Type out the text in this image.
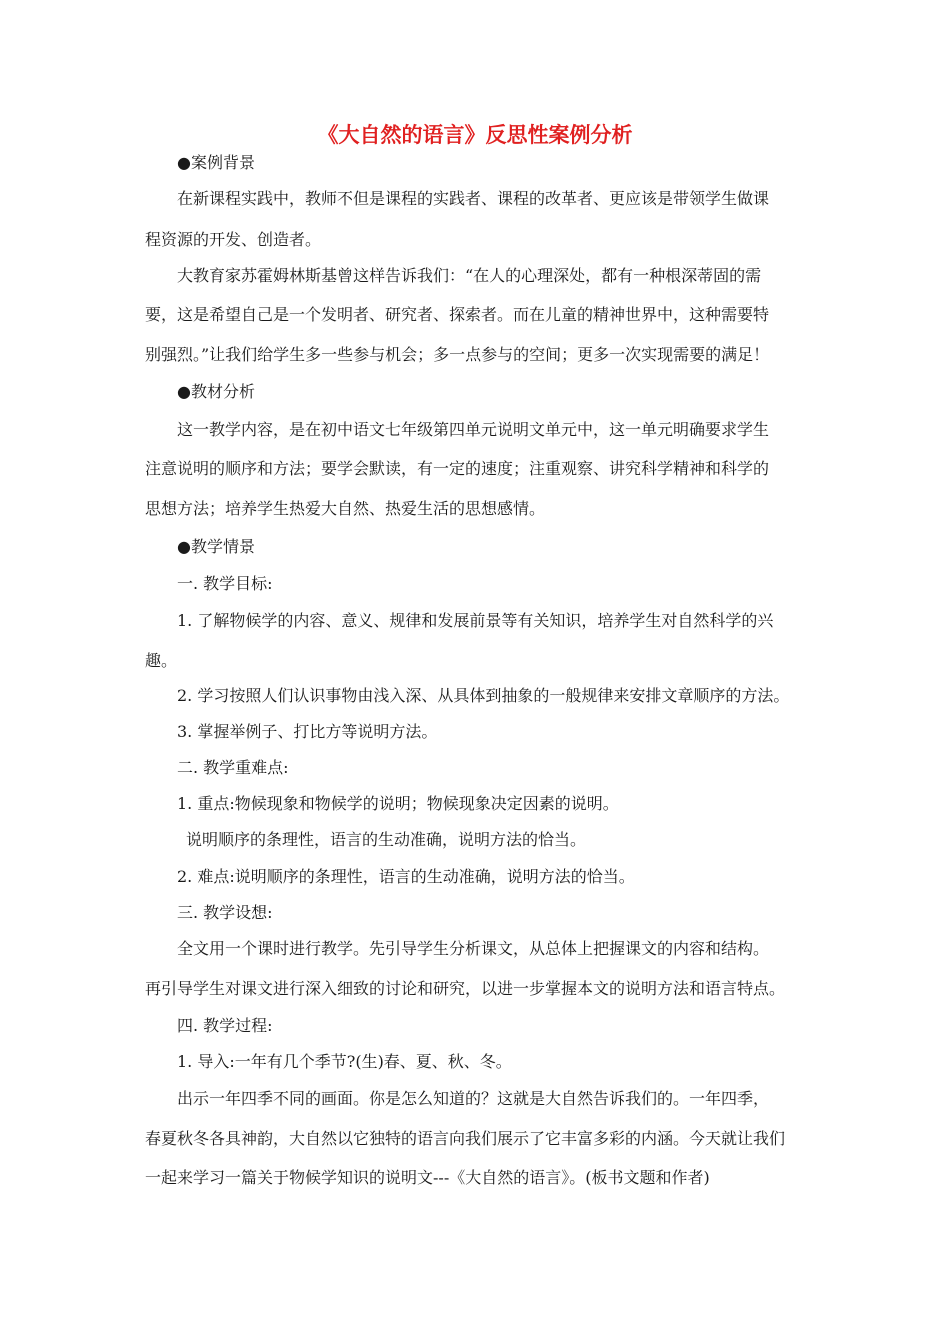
《大自然的语言》反思性案例分析
●案例背景
在新课程实践中，教师不但是课程的实践者、课程的改革者、更应该是带领学生做课
程资源的开发、创造者。
大教育家苏霍姆林斯基曾这样告诉我们：“在人的心理深处，都有一种根深蒂固的需
要，这是希望自己是一个发明者、研究者、探索者。而在儿童的精神世界中，这种需要特
别强烈。”让我们给学生多一些参与机会；多一点参与的空间；更多一次实现需要的满足！
●教材分析
这一教学内容，是在初中语文七年级第四单元说明文单元中，这一单元明确要求学生
注意说明的顺序和方法；要学会默读，有一定的速度；注重观察、讲究科学精神和科学的
思想方法；培养学生热爱大自然、热爱生活的思想感情。
●教学情景
一. 教学目标:
1. 了解物候学的内容、意义、规律和发展前景等有关知识，培养学生对自然科学的兴
趣。
2. 学习按照人们认识事物由浅入深、从具体到抽象的一般规律来安排文章顺序的方法。
3. 掌握举例子、打比方等说明方法。
二. 教学重难点:
1. 重点:物候现象和物候学的说明；物候现象决定因素的说明。
说明顺序的条理性，语言的生动准确，说明方法的恰当。
2. 难点:说明顺序的条理性，语言的生动准确，说明方法的恰当。
三. 教学设想:
全文用一个课时进行教学。先引导学生分析课文，从总体上把握课文的内容和结构。
再引导学生对课文进行深入细致的讨论和研究，以进一步掌握本文的说明方法和语言特点。
四. 教学过程:
1. 导入:一年有几个季节?(生)春、夏、秋、冬。
出示一年四季不同的画面。你是怎么知道的？这就是大自然告诉我们的。一年四季，
春夏秋冬各具神韵，大自然以它独特的语言向我们展示了它丰富多彩的内涵。今天就让我们
一起来学习一篇关于物候学知识的说明文---《大自然的语言》。(板书文题和作者)
